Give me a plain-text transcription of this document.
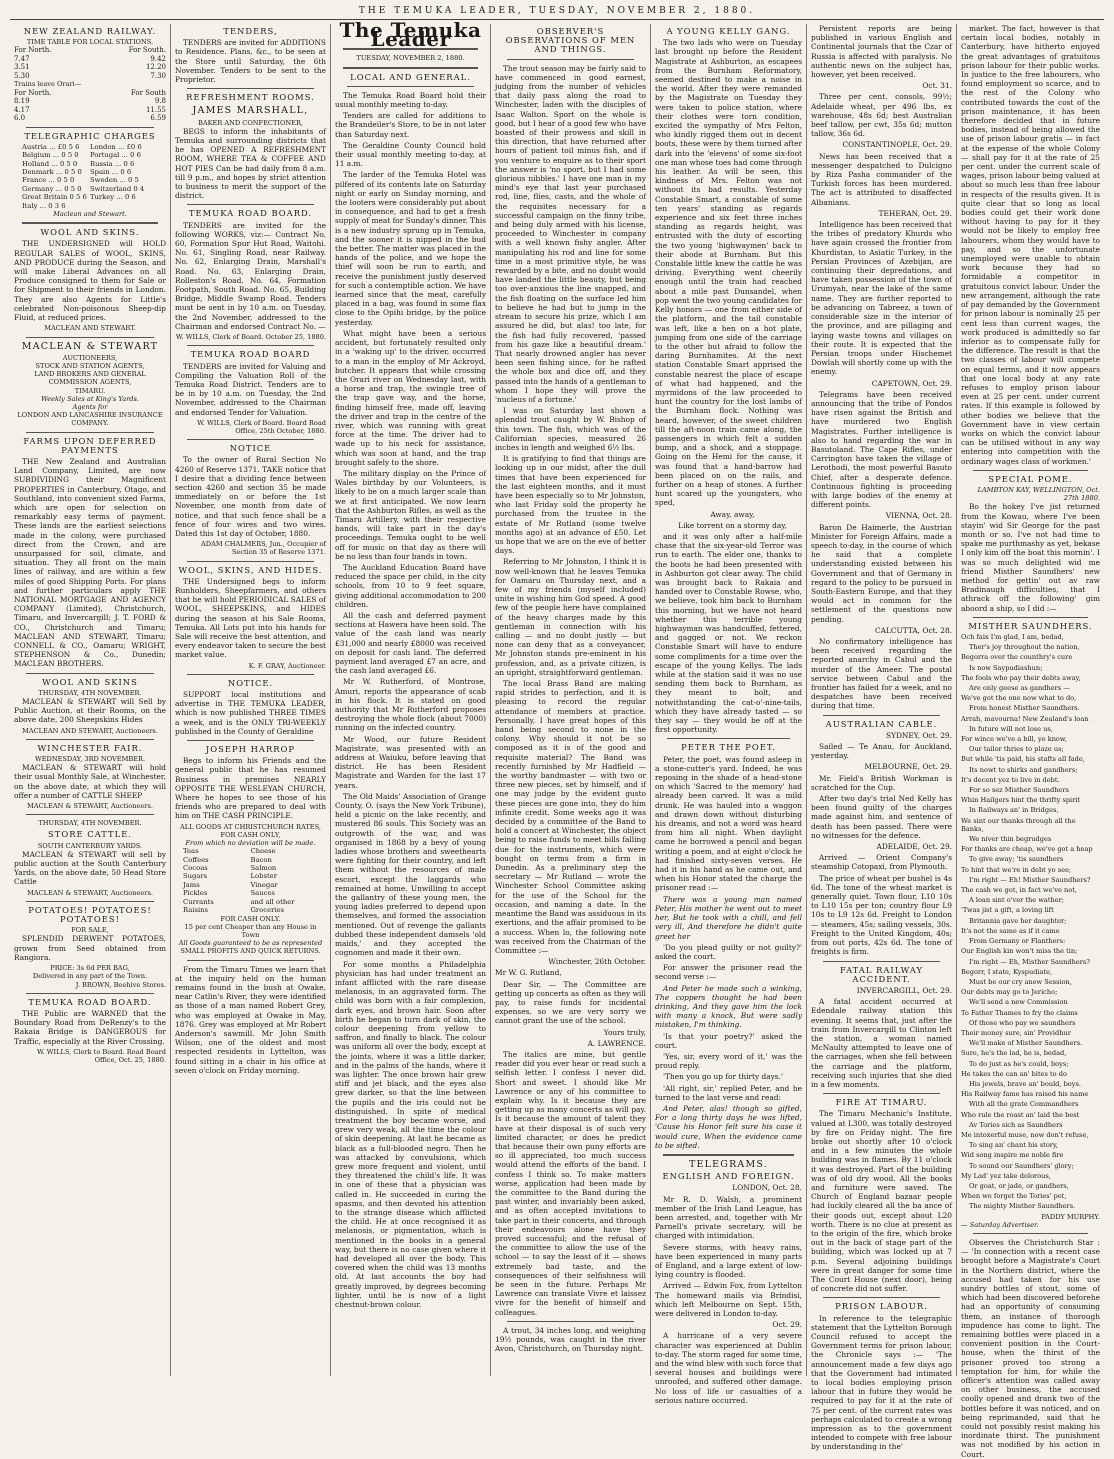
THE TEMUKA LEADER, TUESDAY, NOVEMBER 2, 1880.
NEW ZEALAND RAILWAY.
TIME TABLE FOR LOCAL STATIONS.
For North.
7.47
3.51
5.30
For South.
9.42
12.20
7.30
Trains leave Orari—
For North.
8.19
4.17
6.0
For South
9.8
11.55
6.59
TELEGRAPHIC CHARGES
Austria ... £0 5 6
Belgium ... 0 5 0
Holland ... 0 5 0
Denmark ... 0 5 0
France ... 0 5 0
Germany ... 0 5 0
Great Britain 0 5 6
Italy ... 0 3 6
London ... £0 6
Portugal ... 0 6
Russia ... 0 6
Spain ... 0 6
Sweden ... 0 5
Switzerland 0 4
Turkey ... 0 6
Maclean and Stewart.
WOOL AND SKINS.

THE UNDERSIGNED will HOLD REGULAR SALES of WOOL, SKINS, AND PRODUCE during the Season, and will make Liberal Advances on all Produce consigned to them for Sale or for Shipment to their friends in London. They are also Agents for Little's celebrated Non-poisonous Sheep-dip Fluid, at reduced prices.

MACLEAN AND STEWART.
MACLEAN & STEWART
AUCTIONEERS,
STOCK AND STATION AGENTS,
LAND BROKERS AND GENERAL
COMMISSION AGENTS,
TIMARU.
Weekly Sales at King's Yards.
Agents for
LONDON AND LANCASHIRE INSURANCE COMPANY.
FARMS UPON DEFERRED PAYMENTS

THE New Zealand and Australian Land Company, Limited, are now SUBDIVIDING their Magnificent PROPERTIES in Canterbury, Otago, and Southland, into convenient sized Farms, which are open for selection on remarkably easy terms of payment. These lands are the earliest selections made in the colony, were purchased direct from the Crown, and are unsurpassed for soil, climate, and situation. They all front on the main lines of railway, and are within a few miles of good Shipping Ports. For plans and further particulars apply THE NATIONAL MORTGAGE AND AGENCY COMPANY (Limited), Christchurch, Timaru, and Invercargill; J. T. FORD & CO., Christchurch and Timaru; MACLEAN AND STEWART, Timaru; CONNELL & CO., Oamaru; WRIGHT, STEPHENSON & Co., Dunedin; MACLEAN BROTHERS.

WOOL AND SKINS
THURSDAY, 4TH NOVEMBER.

MACLEAN & STEWART will Sell by Public Auction, at their Rooms, on the above date, 200 Sheepskins Hides

MACLEAN AND STEWART, Auctioneers.
WINCHESTER FAIR.
WEDNESDAY, 3RD NOVEMBER.

MACLEAN & STEWART will hold their usual Monthly Sale, at Winchester, on the above date, at which they will offer a number of CATTLE SHEEP

MACLEAN & STEWART, Auctioneers.
THURSDAY, 4TH NOVEMBER.
STORE CATTLE.
SOUTH CANTERBURY YARDS.

MACLEAN & STEWART will sell by public auction at the South Canterbury Yards, on the above date, 50 Head Store Cattle

MACLEAN & STEWART, Auctioneers.
POTATOES! POTATOES! POTATOES!
FOR SALE,

SPLENDID DERWENT POTATOES, grown from Seed obtained from Rangiora.

PRICE: 3s 6d PER BAG,
Delivered in any part of the Town.
J. BROWN, Beehive Stores.
TEMUKA ROAD BOARD.

THE Public are WARNED that the Boundary Road from DeRenzy's to the Rakaia Bridge is DANGEROUS for Traffic, especially at the River Crossing.

W. WILLS, Clerk to Board. Road Board Office, Oct. 25, 1880.
TENDERS,

TENDERS are invited for ADDITIONS to Residence. Plans, &c., to be seen at the Store until Saturday, the 6th November. Tenders to be sent to the Proprietor.

REFRESHMENT ROOMS.
JAMES MARSHALL,
BAKER AND CONFECTIONER,

BEGS to inform the inhabitants of Temuka and surrounding districts that he has OPENED A REFRESHMENT ROOM, WHERE TEA & COFFEE AND HOT PIES Can be had daily from 8 a.m. till 9 p.m., and hopes by strict attention to business to merit the support of the district.

TEMUKA ROAD BOARD.

TENDERS are invited for the following WORKS, viz:— Contract No. 60, Formation Spur Hut Road, Waitohi. No. 61, Singling Road, near Railway. No. 62, Enlarging Drain, Marshall's Road. No. 63, Enlarging Drain, Rolleston's Road. No. 64, Formation Footpath, South Road. No. 65, Building Bridge, Middle Swamp Road. Tenders must be sent in by 10 a.m. on Tuesday, the 2nd November, addressed to the Chairman and endorsed Contract No. —

W. WILLS, Clerk of Board. October 25, 1880.
TEMUKA ROAD BOARD

TENDERS are invited for Valuing and Compiling the Valuation Roll of the Temuka Road District. Tenders are to be in by 10 a.m. on Tuesday, the 2nd November, addressed to the Chairman and endorsed Tender for Valuation.

W. WILLS, Clerk of Board. Board Road Office, 25th October, 1880.
NOTICE

To the owner of Rural Section No 4260 of Reserve 1371. TAKE notice that I desire that a dividing fence between section 4260 and section 35 be made immediately on or before the 1st November, one month from date of notice, and that such fence shall be a fence of four wires and two wires. Dated this 1st day of October, 1880.

ADAM CHALMERS, Jun., Occupier of Section 35 of Reserve 1371.
WOOL, SKINS, AND HIDES.

THE Undersigned begs to inform Runholders, Sheepfarmers, and others that he will hold PERIODICAL SALES of WOOL, SHEEPSKINS, and HIDES during the season at his Sale Rooms, Temuka. All Lots put into his hands for Sale will receive the best attention, and every endeavor taken to secure the best market value.

K. F. GRAY, Auctioneer.
NOTICE.

SUPPORT local institutions and advertise in THE TEMUKA LEADER, which is now published THREE TIMES a week, and is the ONLY TRI-WEEKLY published in the County of Geraldine

JOSEPH HARROP

Begs to inform his Friends and the general public that he has resumed Business in premises NEARLY OPPOSITE THE WESLEYAN CHURCH, Where he hopes to see those of his friends who are prepared to deal with him on THE CASH PRINCIPLE.

ALL GOODS AT CHRISTCHURCH RATES, FOR CASH ONLY,
From which no deviation will be made.
Teas
Coffees
Cocoas
Sugars
Jams
Pickles
Currants
Raisins
Cheese
Bacon
Salmon
Lobster
Vinegar
Sauces
and all other
Groceries
FOR CASH ONLY.
15 per cent Cheaper than any House in Town
All Goods guaranteed to be as represented
SMALL PROFITS AND QUICK RETURNS.

From the Timaru Times we learn that at the inquiry held on the human remains found in the bush at Owake, near Catlin's River, they were identified as those of a man named Robert Grey, who was employed at Owake in May, 1876. Grey was employed at Mr Robert Anderson's sawmill. Mr John Smith Wilson, one of the oldest and most respected residents in Lyttelton, was found sitting in a chair in his office at seven o'clock on Friday morning.

The Temuka Leader
TUESDAY, NOVEMBER 2, 1880.
LOCAL AND GENERAL.

The Temuka Road Board hold their usual monthly meeting to-day.

Tenders are called for additions to the Brandeiler's Store, to be in not later than Saturday next.

The Geraldine County Council hold their usual monthly meeting to-day, at 11 a.m.

The larder of the Temuka Hotel was pilfered of its contents late on Saturday night or early on Sunday morning, and the looters were considerably put about in consequence, and had to get a fresh supply of meat for Sunday's dinner. This is a new industry sprung up in Temuka, and the sooner it is nipped in the bud the better. The matter was placed in the hands of the police, and we hope the thief will soon be run to earth, and receive the punishment justly deserved for such a contemptible action. We have learned since that the meat, carefully placed in a bag, was found in some flax close to the Opihi bridge, by the police yesterday.

What might have been a serious accident, but fortunately resulted only in a 'waking up' to the driver, occurred to a man in the employ of Mr Ackroyd, butcher. It appears that while crossing the Orari river on Wednesday last, with a horse and trap, the swingle tree of the trap gave way, and the horse, finding himself free, made off, leaving the driver and trap in the centre of the river, which was running with great force at the time. The driver had to wade up to his neck for assistance, which was soon at hand, and the trap brought safely to the shore.

The military display on the Prince of Wales birthday by our Volunteers, is likely to be on a much larger scale than we at first anticipated. We now learn that the Ashburton Rifles, as well as the Timaru Artillery, with their respective bands, will take part in the day's proceedings. Temuka ought to be well off for music on that day as there will be no less than four bands in town.

The Auckland Education Board have reduced the space per child, in the city schools, from 10 to 9 feet square, giving additional accommodation to 200 children.

All the cash and deferred payment sections at Hawera have been sold. The value of the cash land was nearly £31,000 and nearly £8000 was received on deposit for cash land. The deferred payment land averaged £7 an acre, and the cash land averaged £6.

Mr W. Rutherford, of Montrose, Amuri, reports the appearance of scab in his flock. It is stated on good authority that Mr Rutherford proposes destroying the whole flock (about 7000) running on the infected country.

Mr Wood, our future Resident Magistrate, was presented with an address at Waiuku, before leaving that district. He has been Resident Magistrate and Warden for the last 17 years.

The Old Maids' Association of Grange County, O. (says the New York Tribune), held a picnic on the lake recently, and mustered 86 souls. This Society was an outgrowth of the war, and was organised in 1868 by a bevy of young ladies whose brothers and sweethearts were fighting for their country, and left them without the resources of male escort, except the laggards who remained at home. Unwilling to accept the gallantry of these young men, the young ladies preferred to depend upon themselves, and formed the association mentioned. Out of revenge the gallants dubbed these independent damsels 'old maids,' and they accepted the cognomen and made it their own.

For some months a Philadelphia physician has had under treatment an infant afflicted with the rare disease melanosis, in an aggravated form. The child was born with a fair complexion, dark eyes, and brown hair. Soon after birth he began to turn dark of skin, the colour deepening from yellow to saffron, and finally to black. The colour was uniform all over the body, except at the joints, where it was a little darker, and in the palms of the hands, where it was lighter. The once brown hair grew stiff and jet black, and the eyes also grew darker, so that the line between the pupils and the iris could not be distinguished. In spite of medical treatment the boy became worse, and grew very weak, all the time the colour of skin deepening. At last he became as black as a full-blooded negro. Then he was attacked by convulsions, which grew more frequent and violent, until they threatened the child's life. It was in one of these that a physician was called in. He succeeded in curing the spasms, and then devoted his attention to the strange disease which afflicted the child. He at once recognised it as melanosis, or pigmentation, which is mentioned in the books in a general way, but there is no case given where it had developed all over the body. This covered when the child was 13 months old. At last accounts the boy had greatly improved, by degrees becoming lighter, until he is now of a light chestnut-brown colour.

OBSERVER'S OBSERVATIONS OF MEN AND THINGS.

The trout season may be fairly said to have commenced in good earnest, judging from the number of vehicles that daily pass along the road to Winchester, laden with the disciples of Isaac Walton. Sport on the whole is good, but I hear of a good few who have boasted of their prowess and skill in this direction, that have returned after hours of patient toil minus fish, and if you venture to enquire as to their sport the answer is 'no sport, but I had some glorious nibbles.' I have one man in my mind's eye that last year purchased rod, line, flies, casts, and the whole of the requisites necessary for a successful campaign on the finny tribe, and being duly armed with his license, proceeded to Winchester in company with a well known fishy angler. After manipulating his rod and line for some time in a most primitive style, he was rewarded by a bite, and no doubt would have landed the little beauty, but being too over-anxious the line snapped, and the fish floating on the surface led him to believe he had but to jump in the stream to secure his prize, which I am assured he did, but alas! too late, for the fish had fully recovered, 'passed from his gaze like a beautiful dream.' That nearly drowned angler has never been seen fishing since, for he rafted the whole box and dice off, and they passed into the hands of a gentleman to whom I hope they will prove the 'nucleus of a fortune.'

I was on Saturday last shown a splendid trout caught by W. Bishop of this town. The fish, which was of the Californian species, measured 26 inches in length and weighed 6½ lbs.

It is gratifying to find that things are looking up in our midst, after the dull times that have been experienced for the last eighteen months, and it must have been especially so to Mr Johnston, who last Friday sold the property he purchased from the trustee in the estate of Mr Rutland (some twelve months ago) at an advance of £50. Let us hope that we are on the eve of better days.

Referring to Mr Johnston, I think it is now well-known that he leaves Temuka for Oamaru on Thursday next, and a few of my friends (myself included) unite in wishing him God speed. A good few of the people here have complained of the heavy charges made by this gentleman in connection with his calling — and no doubt justly — but none can deny that as a conveyancer, Mr Johnston stands pre-eminent in his profession, and, as a private citizen, is an upright, straightforward gentleman.

The local Brass Band are making rapid strides to perfection, and it is pleasing to record the regular attendance of members at practice. Personally, I have great hopes of this band being second to none in the colony. Why should it not be so composed as it is of the good and requisite material? The Band was recently furnished by Mr Hadfield — the worthy bandmaster — with two or three new pieces, set by himself, and if one may judge by the evident gusto these pieces are gone into, they do him infinite credit. Some weeks ago it was decided by a committee of the Band to hold a concert at Winchester, the object being to raise funds to meet bills falling due for the instruments, which were bought on terms from a firm in Dunedin. As a preliminary step the secretary — Mr Rutland — wrote the Winchester School Committee asking for the use of the School for the occasion, and naming a date. In the meantime the Band was assiduous in its exertions, and the affair promised to be a success. When lo, the following note was received from the Chairman of the Committee :—

Winchester, 26th October.

Mr W. G. Rutland,

Dear Sir, — The Committee are getting up concerts as often as they will pay, to raise funds for incidental expenses, so we are very sorry we cannot grant the use of the school.

Yours truly,

A. LAWRENCE.

The italics are mine, but gentle reader did you ever hear or read such a selfish letter. I confess I never did. Short and sweet. I should like Mr Lawrence or any of his committee to explain why. Is it because they are getting up as many concerts as will pay. Is it because the amount of talent they have at their disposal is of such very limited character, or does he predict that because their own puny efforts are so ill appreciated, too much success would attend the efforts of the band. I confess I think so. To make matters worse, application had been made by the committee to the Band during the past winter, and invariably been asked, and as often accepted invitations to take part in their concerts, and through their endeavours alone have they proved successful; and the refusal of the committee to allow the use of the school — to say the least of it — shows extremely bad taste, and the consequences of their selfishness will be seen in the future. Perhaps Mr Lawrence can translate Vivre et laissez vivre for the benefit of himself and colleagues.

A trout, 34 inches long, and weighing 19½ pounds, was caught in the river Avon, Christchurch, on Thursday night.

A YOUNG KELLY GANG.

The two lads who were on Tuesday last brought up before the Resident Magistrate at Ashburton, as escapees from the Burnham Reformatory, seemed destined to make a noise in the world. After they were remanded by the Magistrate on Tuesday they were taken to police station, where their clothes were torn condition, excited the sympathy of Mrs Felton, who kindly rigged them out in decent boots, these were by them turned after dark into the 'elevens' of some six-foot one man whose toes had come through his leather. As will be seen, this kindness of Mrs. Felton was not without its bad results. Yesterday Constable Smart, a constable of some ten years' standing as regards experience and six feet three inches standing as regards height, was entrusted with the duty of escorting the two young 'highwaymen' back to their abode at Burnham. But this Constable little knew the cattle he was driving. Everything went cheerily enough until the train had reached about a mile past Dunsandel, when pop went the two young candidates for Kelly honors — one from either side of the platform, and the tail constable was left, like a hen on a hot plate, jumping from one side of the carriage to the other but afraid to follow the daring Burnhamites. At the next station Constable Smart apprised the constable nearest the place of escape of what had happened, and the myrmidons of the law proceeded to hunt the country for the lost lambs of the Burnham flock. Nothing was heard, however, of the sweet children till the aft-noon train came along, the passengers in which felt a sudden bump, and a shock, and a stoppage. Going on the Hemi for the cause, it was found that a hand-barrow had been placed on on the rails, and further on a heap of stones. A further hunt scared up the youngsters, who sped,

Away, away,

Like torrent on a stormy day,

and it was only after a half-mile chase that the six-year-old Terror was run to earth. The elder one, thanks to the boots he had been presented with in Ashburton got clear away. The child was brought back to Rakaia and handed over to Constable Rowse, who, we believe, took him back to Burnham this morning, but we have not heard whether this terrible young highwayman was handcuffed, fettered, and gagged or not. We reckon Constable Smart will have to endure some compliments for a time over the escape of the young Kellys. The lads while at the station said it was no use sending them back to Burnham, as they meant to bolt, and notwithstanding the cat-o'-nine-tails, which they have already tasted — so they say — they would be off at the first opportunity.

PETER THE POET.

Peter, the poet, was found asleep in a stone-cutter's yard. Indeed, he was reposing in the shade of a head-stone on which 'Sacred to the memory' had already been carved. It was a mild drunk. He was hauled into a waggon and drawn down without disturbing his dreams, and not a word was heard from him all night. When daylight came he borrowed a pencil and began writing a poem, and at eight o'clock he had finished sixty-seven verses. He had it in his hand as he came out, and when his Honor stated the charge the prisoner read :—

There was a young man named Peter, His mother he went out to meet her, But he took with a chill, and fell very ill, And therefore he didn't quite greet her

'Do you plead guilty or not guilty?' asked the court.

For answer the prisoner read the second verse :—

And Peter he made such a winking, The coppers thought he had been drinking, And they gave him the lock with many a knock, But were sadly mistaken, I'm thinking.

'Is that your poetry?' asked the court.

'Yes, sir, every word of it,' was the proud reply.

'Then you go up for thirty days.'

'All right, sir,' replied Peter, and he turned to the last verse and read:

And Peter, alas! though so gifted, For a long thirty days he was lifted, 'Cause his Honor felt sure his case it would cure, When the evidence came to be sifted.

TELEGRAMS.
ENGLISH AND FOREIGN.

LONDON, Oct. 28.

Mr R. D. Walsh, a prominent member of the Irish Land League, has been arrested, and, together with Mr Parnell's private secretary, will be charged with intimidation.

Severe storms, with heavy rains, have been experienced in many parts of England, and a large extent of low-lying country is flooded.

Arrived — Edwin Fox, from Lyttelton The homeward mails via Brindisi, which left Melbourne on Sept. 15th, were delivered in London to-day.

Oct. 29.

A hurricane of a very severe character was experienced at Dublin to-day. The storm raged for some time, and the wind blew with such force that several houses and buildings were unroofed, and suffered other damage. No loss of life or casualties of a serious nature occurred.

Persistent reports are being published in various English and Continental journals that the Czar of Russia is affected with paralysis. No authentic news on the subject has, however, yet been received.

Oct. 31.

Three per cent. consols, 99½; Adelaide wheat, per 496 lbs, ex warehouse, 48s 6d; best Australian beef tallow, per cwt, 35s 6d; mutton tallow, 36s 6d.

CONSTANTINOPLE, Oct. 29.

News has been received that a messenger despatched to Dulcigno by Riza Pasha commander of the Turkish forces has been murdered. The act is attributed to disaffected Albanians.

TEHERAN, Oct. 29.

Intelligence has been received that the tribes of predatory Khurds who have again crossed the frontier from Khurdistan, to Asiatic Turkey, in the Persian Provinces of Azebijan, are continuing their depredations, and have taken possession of the town of Urumyah, near the lake of the same name. They are further reported to be advancing on Tabreez, a town of considerable size in the interior of the province, and are pillaging and laying waste towns and villages on their route. It is expected that the Persian troops under Hischemet Dowlah will shortly come up with the enemy.

CAPETOWN, Oct. 29.

Telegrams have been received announcing that the tribe of Pondos have risen against the British and have murdered two English Magistrates. Further intelligence is also to hand regarding the war in Basutoland. The Cape Rifles, under Carrington have taken the village of Lerothodi, the most powerful Basuto Chief, after a desperate defence. Continuous fighting is proceeding with large bodies of the enemy at different points.

VIENNA, Oct. 28.

Baron De Haimerle, the Austrian Minister for Foreign Affairs, made a speech to-day, in the course of which he said that a complete understanding existed between his Government and that of Germany in regard to the policy to be pursued in South-Eastern Europe, and that they would act in common for the settlement of the questions now pending.

CALCUTTA, Oct. 28.

No confirmatory intelligence has been received regarding the reported anarchy in Cabul and the murder of the Ameer. The postal service between Cabul and the frontier has failed for a week, and no despatches have been received during that time.

AUSTRALIAN CABLE.

SYDNEY, Oct. 29.

Sailed — Te Anau, for Auckland, yesterday.

MELBOURNE, Oct. 29.

Mr. Field's British Workman is scratched for the Cup.

After two day's trial Ned Kelly has been found guilty of the charges made against him, and sentence of death has been passed. There were no witnesses for the defence.

ADELAIDE, Oct. 29.

Arrived — Orient Company's steamship Cotopaxi, from Plymouth.

The price of wheat per bushel is 4s 6d. The tone of the wheat market is generally quiet. Town flour, L10 10s to L10 15s per ton; country flour L9 10s to L9 12s 6d. Freight to London — steamers, 45s; sailing vessels, 30s. Freight to the United Kingdom, 40s; from out ports, 42s 6d. The tone of freights is firm.

FATAL RAILWAY ACCIDENT.

INVERCARGILL, Oct. 29.

A fatal accident occurred at Edendale railway station this evening. It seems that, just after the train from Invercargill to Clinton left the station, a woman named McNaulty attempted to leave one of the carriages, when she fell between the carriage and the platform, receiving such injuries that she died in a few moments.

FIRE AT TIMARU.

The Timaru Mechanic's Institute, valued at L300, was totally destroyed by fire on Friday night. The fire broke out shortly after 10 o'clock and in a few minutes the whole building was in flames. By 11 o'clock it was destroyed. Part of the building was of old dry wood. All the books and furniture were saved. The Church of England bazaar people had luckily cleared all the ba ance of their goods out, except about L20 worth. There is no clue at present as to the origin of the fire, which broke out in the back of stage part of the building, which was locked up at 7 p.m. Several adjoining buildings were in great danger for some time The Court House (next door), being of concrete did not suffer.

PRISON LABOUR.

In reference to the telegraphic statement that the Lyttelton Borough Council refused to accept the Government terms for prison labour, the Chronicle says :— 'The announcement made a few days ago that the Government had intimated to local bodies employing prison labour that in future they would be required to pay for it at the rate of 75 per cent. of the current rates was perhaps calculated to create a wrong impression as to the government intended to compete with free labour by understanding in the'

market. The fact, however is that certain local bodies, notably in Canterbury, have hitherto enjoyed the great advantages of gratuitous prison labour for their public works. In justice to the free labourers, who found employment so scarce, and to the rest of the Colony who contributed towards the cost of the prison maintenance, it has been therefore decided that in future bodies, instead of being allowed the use of prison labour gratis — in fact at the expense of the whole Colony — shall pay for it at the rate of 25 per cent. under the current scale of wages, prison labour being valued at about so much less than free labour in respects of the results given. It is quite clear that so long as local bodies could get their work done without having to pay for it they would not be likely to employ free labourers, whom they would have to pay, and so the unfortunate unemployed were unable to obtain work because they had so formidable a competitor in gratuitous convict labour. Under the new arrangement, although the rate of pay demanded by the Government for prison labour is nominally 25 per cent less than current wages, the work produced is admittedly so far inferior as to compensate fully for the difference. The result is that the two classes of labour will compete on equal terms, and it now appears that one local body at any rate refuses to employ prison labour even at 25 per cent. under current rates. If this example is followed by other bodies we believe that the Government have in view certain works on which the convict labour can be utilised without in any way entering into competition with the ordinary wages class of workmen.'

SPECIAL POME.
LAMBTON KAY, WELLINGTON, Oct. 27th 1880.

Bo the hokey I've jist returned from the Kowau, where I've been stayin' wid Sir George for the past month or so. I've not had time to spake me purthmashy as yet, bekase I only kim off the boat this mornin'. I was so much delighted wid me friend Misther Saundhers' new method for gettin' out av raw Bradinaugh difficulties, that I athrack off the following' gim aboord a ship, so I did :—

MISTHER SAUNDHERS.

Och faix I'm glad, I am, bedad,

Ther's joy throughout the nation,

Begorra over the counthry's cure

Is now Saypudiashun;

The fools who pay their debts away,

Are only geese as gandhers —

We've got the one now what to do,

From honest Misther Saundhers.

Arrah, mavourna! New Zealand's loan

In future will not lose us,

For wince we've a bill, ye know,

Our tailor thries to plaze us;

But while 'tis paid, his stafts all fade,

Its nowt to shirks and gandhers;

It's decent yez to live in debt.

For so sez Misther Saundhers

Whin Hailgers hint the thrifty spirit

In Railways an' in Bridges,

We sint our thanks through all the Banks,

We niver thin begrudges

For thanks are cheap, we've got a heap

To give away; 'tis saundhers

To hint that we're in debt yo see;

I'm right — Eh! Misther Saundhers?

The cash we got, in fact we've not,

A loan sint o'ver the wather;

'Twas jist a gift, a loving lift

Britannia gave her daughter;

It's not the same as if it came

From Germany or Flanthers:

Our English kin won't miss the tin;

I'm right — Eh, Misther Saundhers?

Begorr, I state, Kyspudiate,

Must be our cry anew Session,

Our debts may go to Jericho;

We'll send a new Commission

To Father Thames to fry the claims

Of those who pay we saundhers

Their money sure, sin' Providhur

We'll make of Misther Saundhers.

Sure, he's the lad, he is, bedad,

To do just as he's could, boys;

He takes the can an' bites to do

His jewels, brave an' bould, boys.

His Railway fame has raised his name

With all the grate Commandhers

Who rule the roast an' laid the best

Av Tories sich as Saundhers

Me intoxerful muse, now don't refuse,

To sing an' chant his story,

Wid song inspire me noble fire

To sound our Saundhers' glory;

My Lad' yez take dolorous,

Or goat, or jade, or gandhers,

When we forget the Tories' pet,

The mighty Misther Saundhers.

PADDY MURPHY.
— Saturday Advertiser.

Observes the Christchurch Star :— 'In connection with a recent case brought before a Magistrate's Court in the Northern district, where the accused had taken for his use sundry bottles of stout, some of which had been discovered beforehe had an opportunity of consuming them, an instance of thorough impudence has come to light. The remaining bottles were placed in a convenient position in the Court-house, when the thirst of the prisoner proved too strong a temptation for him, for while the officer's attention was called away on other business, the accused coolly opened and drank two of the bottles before it was noticed, and on being reprimanded, said that he could not possibly resist making his inordinate thirst. The punishment was not modified by his action in Court.
